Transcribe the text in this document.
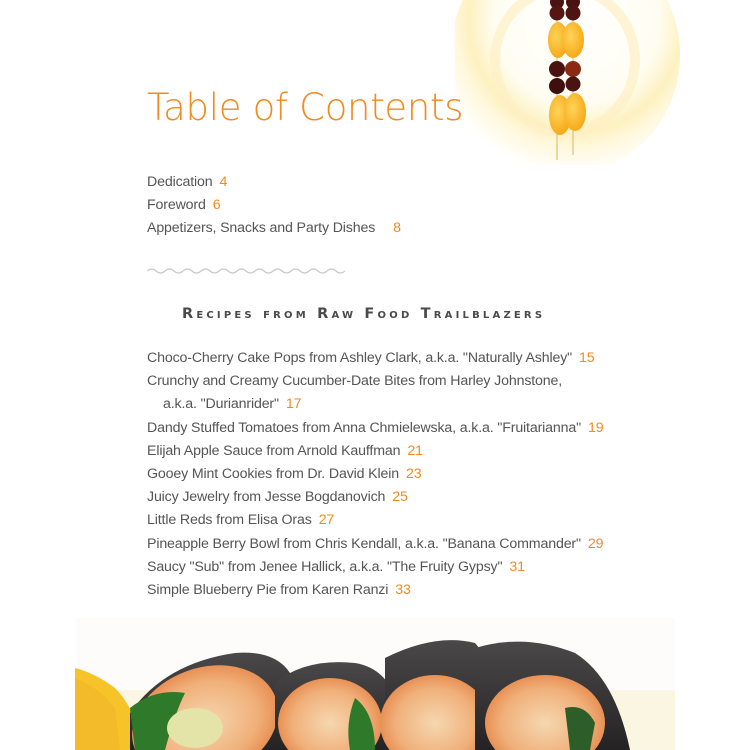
Table of Contents
Dedication 4
Foreword 6
Appetizers, Snacks and Party Dishes 8
Recipes from Raw Food Trailblazers
Choco-Cherry Cake Pops from Ashley Clark, a.k.a. "Naturally Ashley" 15
Crunchy and Creamy Cucumber-Date Bites from Harley Johnstone,
a.k.a. "Durianrider" 17
Dandy Stuffed Tomatoes from Anna Chmielewska, a.k.a. "Fruitarianna" 19
Elijah Apple Sauce from Arnold Kauffman 21
Gooey Mint Cookies from Dr. David Klein 23
Juicy Jewelry from Jesse Bogdanovich 25
Little Reds from Elisa Oras 27
Pineapple Berry Bowl from Chris Kendall, a.k.a. "Banana Commander" 29
Saucy "Sub" from Jenee Hallick, a.k.a. "The Fruity Gypsy" 31
Simple Blueberry Pie from Karen Ranzi 33
